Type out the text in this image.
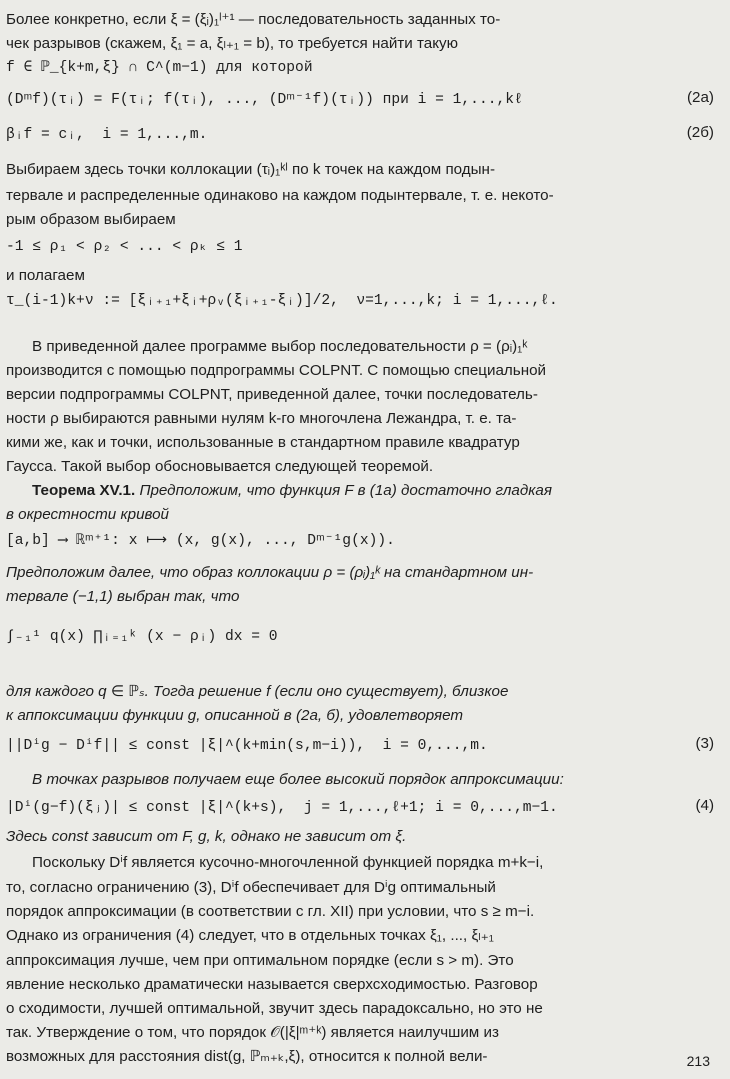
Более конкретно, если ξ = (ξᵢ)₁ˡ⁺¹ — последовательность заданных то-
чек разрывов (скажем, ξ₁ = a, ξₗ₊₁ = b), то требуется найти такую
f ∈ ℙ_{k+m,ξ} ∩ C^(m−1) для которой
(Dᵐf)(τᵢ) = F(τᵢ; f(τᵢ), ..., (Dᵐ⁻¹f)(τᵢ)) при i = 1,...,kℓ	(2а)
βᵢf = cᵢ,  i = 1,...,m.	(2б)
Выбираем здесь точки коллокации (τᵢ)₁ᵏˡ по k точек на каждом подын-
тервале и распределенные одинаково на каждом подынтервале, т. е. некото-
рым образом выбираем
-1 ≤ ρ₁ < ρ₂ < ... < ρₖ ≤ 1
и полагаем
τ_(i-1)k+ν := [ξᵢ₊₁+ξᵢ+ρᵥ(ξᵢ₊₁-ξᵢ)]/2,  ν=1,...,k; i = 1,...,ℓ.
В приведенной далее программе выбор последовательности ρ = (ρᵢ)₁ᵏ
производится с помощью подпрограммы COLPNT. С помощью специальной
версии подпрограммы COLPNT, приведенной далее, точки последователь-
ности ρ выбираются равными нулям k-го многочлена Лежандра, т. е. та-
кими же, как и точки, использованные в стандартном правиле квадратур
Гаусса. Такой выбор обосновывается следующей теоремой.
Теорема XV.1. Предположим, что функция F в (1а) достаточно гладкая
в окрестности кривой
[a,b] ⟶ ℝᵐ⁺¹: x ⟼ (x, g(x), ..., Dᵐ⁻¹g(x)).
Предположим далее, что образ коллокации ρ = (ρᵢ)₁ᵏ на стандартном ин-
тервале (−1,1) выбран так, что
∫₋₁¹ q(x) ∏ᵢ₌₁ᵏ (x − ρᵢ) dx = 0
для каждого q ∈ ℙₛ. Тогда решение f (если оно существует), близкое
к аппоксимации функции g, описанной в (2а, б), удовлетворяет
||Dⁱg − Dⁱf|| ≤ const |ξ|^(k+min(s,m−i)),  i = 0,...,m.	(3)
В точках разрывов получаем еще более высокий порядок аппроксимации:
|Dⁱ(g−f)(ξⱼ)| ≤ const |ξ|^(k+s),  j = 1,...,ℓ+1; i = 0,...,m−1.	(4)
Здесь const зависит от F, g, k, однако не зависит от ξ.
Поскольку Dⁱf является кусочно-многочленной функцией порядка m+k−i,
то, согласно ограничению (3), Dⁱf обеспечивает для Dⁱg оптимальный
порядок аппроксимации (в соответствии с гл. XII) при условии, что s ≥ m−i.
Однако из ограничения (4) следует, что в отдельных точках ξ₁, ..., ξₗ₊₁
аппроксимация лучше, чем при оптимальном порядке (если s > m). Это
явление несколько драматически называется сверхсходимостью. Разговор
о сходимости, лучшей оптимальной, звучит здесь парадоксально, но это не
так. Утверждение о том, что порядок 𝒪(|ξ|ᵐ⁺ᵏ) является наилучшим из
возможных для расстояния dist(g, ℙₘ₊ₖ,ξ), относится к полной вели-	213
